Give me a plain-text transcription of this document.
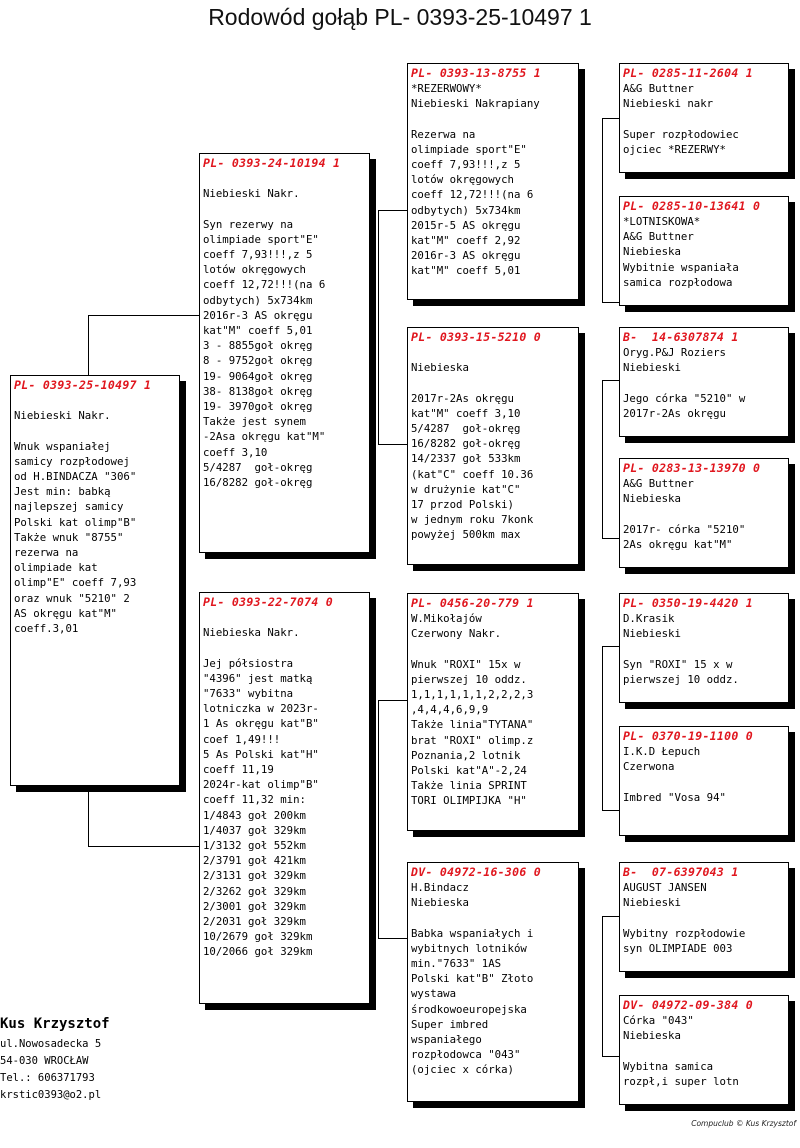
Rodowód gołąb PL- 0393-25-10497 1
PL- 0393-25-10497 1

Niebieski Nakr.

Wnuk wspaniałej
samicy rozpłodowej
od H.BINDACZA "306"
Jest min: babką
najlepszej samicy
Polski kat olimp"B"
Także wnuk "8755"
rezerwa na
olimpiade kat
olimp"E" coeff 7,93
oraz wnuk "5210" 2
AS okręgu kat"M"
coeff.3,01
PL- 0393-24-10194 1

Niebieski Nakr.

Syn rezerwy na
olimpiade sport"E"
coeff 7,93!!!,z 5
lotów okręgowych
coeff 12,72!!!(na 6
odbytych) 5x734km
2016r-3 AS okręgu
kat"M" coeff 5,01
3 - 8855goł okręg
8 - 9752goł okręg
19- 9064goł okręg
38- 8138goł okręg
19- 3970goł okręg
Także jest synem
-2Asa okręgu kat"M"
coeff 3,10
5/4287  goł-okręg
16/8282 goł-okręg
PL- 0393-22-7074 0

Niebieska Nakr.

Jej półsiostra
"4396" jest matką
"7633" wybitna
lotniczka w 2023r-
1 As okręgu kat"B"
coef 1,49!!!
5 As Polski kat"H"
coeff 11,19
2024r-kat olimp"B"
coeff 11,32 min:
1/4843 goł 200km
1/4037 goł 329km
1/3132 goł 552km
2/3791 goł 421km
2/3131 goł 329km
2/3262 goł 329km
2/3001 goł 329km
2/2031 goł 329km
10/2679 goł 329km
10/2066 goł 329km
PL- 0393-13-8755 1
*REZERWOWY*
Niebieski Nakrapiany

Rezerwa na
olimpiade sport"E"
coeff 7,93!!!,z 5
lotów okręgowych
coeff 12,72!!!(na 6
odbytych) 5x734km
2015r-5 AS okręgu
kat"M" coeff 2,92
2016r-3 AS okręgu
kat"M" coeff 5,01
PL- 0393-15-5210 0

Niebieska

2017r-2As okręgu
kat"M" coeff 3,10
5/4287  goł-okręg
16/8282 goł-okręg
14/2337 goł 533km
(kat"C" coeff 10.36
w drużynie kat"C"
17 przod Polski)
w jednym roku 7konk
powyżej 500km max
PL- 0456-20-779 1
W.Mikołajów
Czerwony Nakr.

Wnuk "ROXI" 15x w
pierwszej 10 oddz.
1,1,1,1,1,1,2,2,2,3
,4,4,4,6,9,9
Także linia"TYTANA"
brat "ROXI" olimp.z
Poznania,2 lotnik
Polski kat"A"-2,24
Także linia SPRINT
TORI OLIMPIJKA "H"
DV- 04972-16-306 0
H.Bindacz
Niebieska

Babka wspaniałych i
wybitnych lotników
min."7633" 1AS
Polski kat"B" Złoto
wystawa
środkowoeuropejska
Super imbred
wspaniałego
rozpłodowca "043"
(ojciec x córka)
PL- 0285-11-2604 1
A&G Buttner
Niebieski nakr

Super rozpłodowiec
ojciec *REZERWY*
PL- 0285-10-13641 0
*LOTNISKOWA*
A&G Buttner
Niebieska
Wybitnie wspaniała
samica rozpłodowa
B-  14-6307874 1
Oryg.P&J Roziers
Niebieski

Jego córka "5210" w
2017r-2As okręgu
PL- 0283-13-13970 0
A&G Buttner
Niebieska

2017r- córka "5210"
2As okręgu kat"M"
PL- 0350-19-4420 1
D.Krasik
Niebieski

Syn "ROXI" 15 x w
pierwszej 10 oddz.
PL- 0370-19-1100 0
I.K.D Łepuch
Czerwona

Imbred "Vosa 94"
B-  07-6397043 1
AUGUST JANSEN
Niebieski

Wybitny rozpłodowie
syn OLIMPIADE 003
DV- 04972-09-384 0
Córka "043"
Niebieska

Wybitna samica
rozpł,i super lotn
Kus Krzysztof
ul.Nowosadecka 5
54-030 WROCŁAW
Tel.: 606371793
krstic0393@o2.pl
Compuclub © Kus Krzysztof
